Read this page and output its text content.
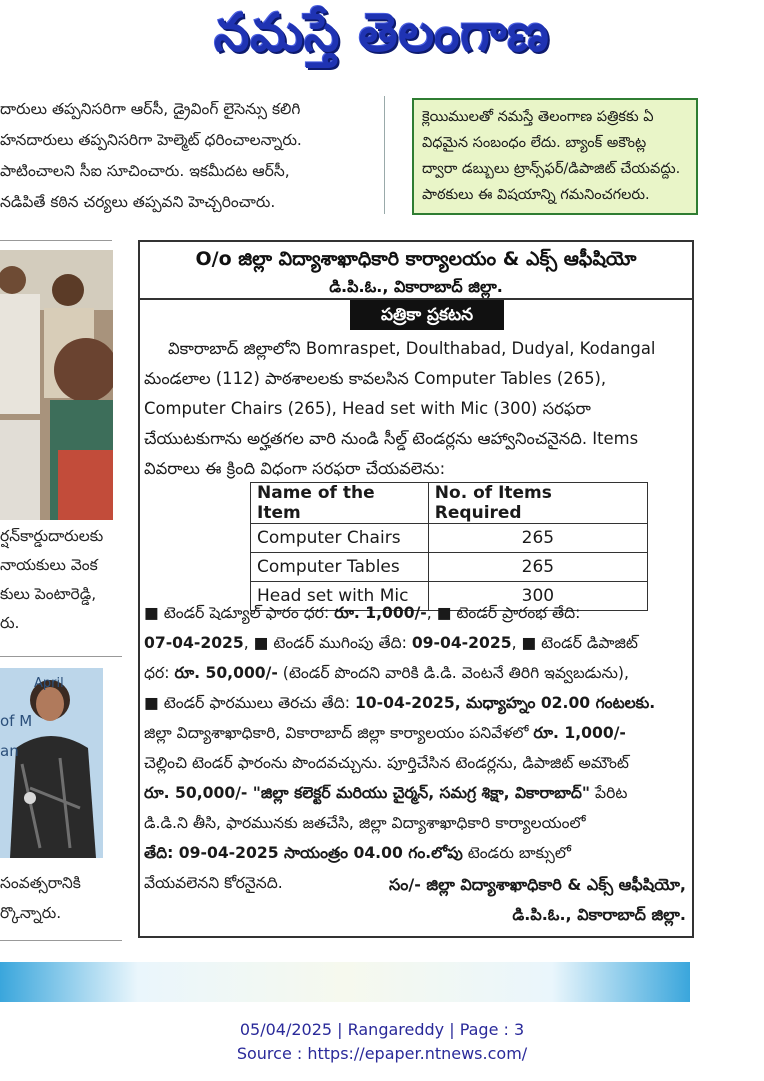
నమస్తే తెలంగాణ
దారులు తప్పనిసరిగా ఆర్‌సీ, డ్రైవింగ్ లైసెన్సు కలిగి
హనదారులు తప్పనిసరిగా హెల్మెట్ ధరించాలన్నారు.
పాటించాలని సీఐ సూచించారు. ఇకమీదట ఆర్‌సీ,
నడిపితే కఠిన చర్యలు తప్పవని హెచ్చరించారు.
క్లెయిములతో నమస్తే తెలంగాణ పత్రికకు ఏ
విధమైన సంబంధం లేదు. బ్యాంక్ అకౌంట్ల
ద్వారా డబ్బులు ట్రాన్స్‌ఫర్/డిపాజిట్ చేయవద్దు.
పాఠకులు ఈ విషయాన్ని గమనించగలరు.
ర్షన్‌కార్డుదారులకు
నాయకులు వెంక
కులు పెంటారెడ్డి,
రు.
April
of M
an
సంవత్సరానికి
ర్కొన్నారు.
O/o జిల్లా విద్యాశాఖాధికారి కార్యాలయం & ఎక్స్ ఆఫీషియో
డి.పి.ఓ., వికారాబాద్ జిల్లా.
పత్రికా ప్రకటన
వికారాబాద్ జిల్లాలోని Bomraspet, Doulthabad, Dudyal, Kodangal
మండలాల (112) పాఠశాలలకు కావలసిన Computer Tables (265),
Computer Chairs (265), Head set with Mic (300) సరఫరా
చేయుటకుగాను అర్హతగల వారి నుండి సీల్డ్ టెండర్లను ఆహ్వానించనైనది. Items
వివరాలు ఈ క్రింది విధంగా సరఫరా చేయవలెను:
Name of the Item	No. of Items Required
Computer Chairs	265
Computer Tables	265
Head set with Mic	300
■ టెండర్ షెడ్యూల్ ఫారం ధర: రూ. 1,000/-, ■ టెండర్ ప్రారంభ తేది:
07-04-2025, ■ టెండర్ ముగింపు తేది: 09-04-2025, ■ టెండర్ డిపాజిట్
ధర: రూ. 50,000/- (టెండర్ పొందని వారికి డి.డి. వెంటనే తిరిగి ఇవ్వబడును),
■ టెండర్ ఫారములు తెరచు తేది: 10-04-2025, మధ్యాహ్నం 02.00 గంటలకు.
జిల్లా విద్యాశాఖాధికారి, వికారాబాద్ జిల్లా కార్యాలయం పనివేళలో రూ. 1,000/-
చెల్లించి టెండర్ ఫారంను పొందవచ్చును. పూర్తిచేసిన టెండర్లను, డిపాజిట్ అమౌంట్
రూ. 50,000/- "జిల్లా కలెక్టర్ మరియు చైర్మన్, సమగ్ర శిక్షా, వికారాబాద్" పేరిట
డి.డి.ని తీసి, ఫారమునకు జతచేసి, జిల్లా విద్యాశాఖాధికారి కార్యాలయంలో
తేది: 09-04-2025 సాయంత్రం 04.00 గం.లోపు టెండరు బాక్సులో
వేయవలెనని కోరనైనది.	సం/- జిల్లా విద్యాశాఖాధికారి & ఎక్స్ ఆఫీషియో,
డి.పి.ఓ., వికారాబాద్ జిల్లా.
05/04/2025 | Rangareddy | Page : 3
Source : https://epaper.ntnews.com/
